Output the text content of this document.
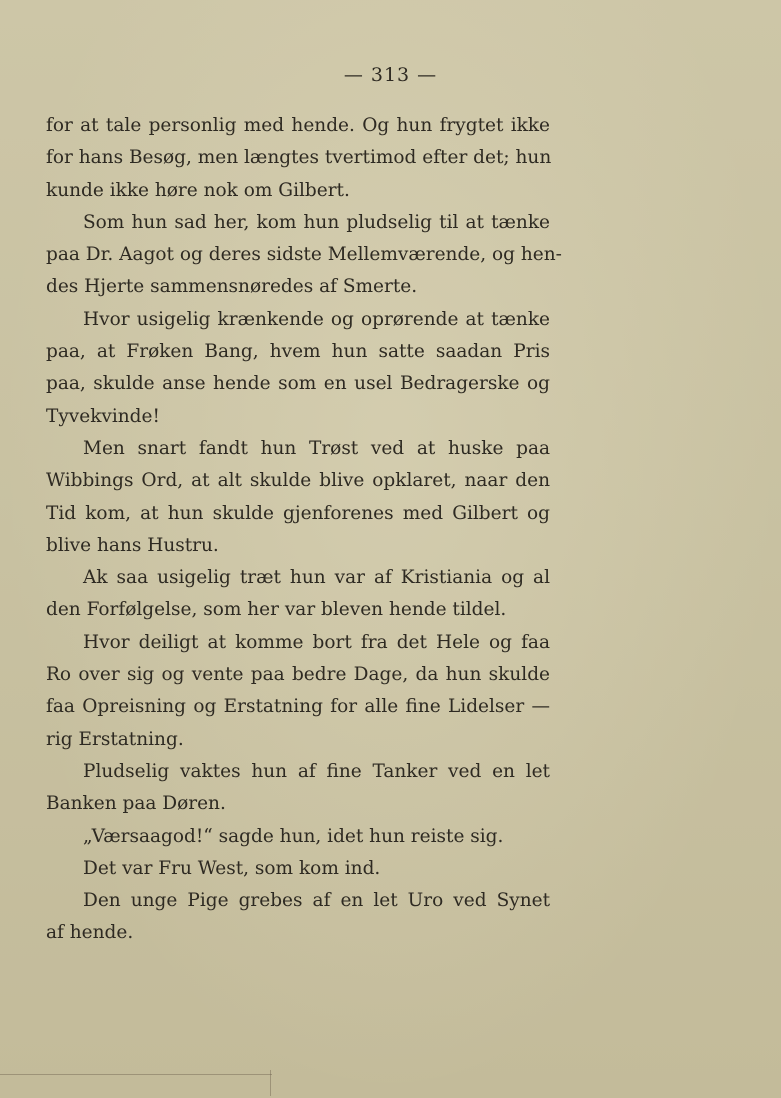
— 313 —
for at tale personlig med hende. Og hun frygtet ikke
for hans Besøg, men længtes tvertimod efter det; hun
kunde ikke høre nok om Gilbert.
Som hun sad her, kom hun pludselig til at tænke
paa Dr. Aagot og deres sidste Mellemværende, og hen-
des Hjerte sammensnøredes af Smerte.
Hvor usigelig krænkende og oprørende at tænke
paa, at Frøken Bang, hvem hun satte saadan Pris
paa, skulde anse hende som en usel Bedragerske og
Tyvekvinde!
Men snart fandt hun Trøst ved at huske paa
Wibbings Ord, at alt skulde blive opklaret, naar den
Tid kom, at hun skulde gjenforenes med Gilbert og
blive hans Hustru.
Ak saa usigelig træt hun var af Kristiania og al
den Forfølgelse, som her var bleven hende tildel.
Hvor deiligt at komme bort fra det Hele og faa
Ro over sig og vente paa bedre Dage, da hun skulde
faa Opreisning og Erstatning for alle fine Lidelser —
rig Erstatning.
Pludselig vaktes hun af fine Tanker ved en let
Banken paa Døren.
„Værsaagod!“ sagde hun, idet hun reiste sig.
Det var Fru West, som kom ind.
Den unge Pige grebes af en let Uro ved Synet
af hende.
